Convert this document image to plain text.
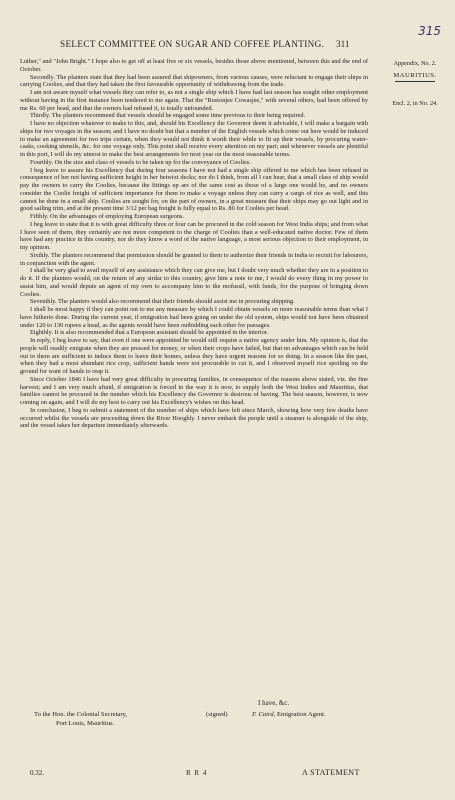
315
SELECT COMMITTEE ON SUGAR AND COFFEE PLANTING.	311
Appendix, No. 2.
MAURITIUS.
Encl. 2, in No. 24.

Luther," and "John Bright." I hope also to get off at least five or six vessels, besides those above mentioned, between this and the end of October.

Secondly. The planters state that they had been assured that shipowners, from various causes, were reluctant to engage their ships in carrying Coolies, and that they had taken the first favourable opportunity of withdrawing from the trade.

I am not aware myself what vessels they can refer to, as not a single ship which I have had last season has sought other employment without having in the first instance been tendered to me again. That the "Rustonjee Cowasjee," with several others, had been offered by me Rs. 60 per head, and that the owners had refused it, is totally unfounded.

Thirdly. The planters recommend that vessels should be engaged some time previous to their being required.

I have no objection whatever to make to this, and, should his Excellency the Governor deem it advisable, I will make a bargain with ships for two voyages in the season; and I have no doubt but that a number of the English vessels which come out here would be induced to make an agreement for two trips certain, when they would not think it worth their while to fit up their vessels, by procuring water-casks, cooking utensils, &c. for one voyage only. This point shall receive every attention on my part; and whenever vessels are plentiful in this port, I will do my utmost to make the best arrangements for next year on the most reasonable terms.

Fourthly. On the size and class of vessels to be taken up for the conveyance of Coolies.

I beg leave to assure his Excellency that during four seasons I have not had a single ship offered to me which has been refused in consequence of her not having sufficient height in her betwixt decks; nor do I think, from all I can hear, that a small class of ship would pay the owners to carry the Coolies, because the fittings up are of the same cost as those of a large one would be, and no owners consider the Coolie freight of sufficient importance for them to make a voyage unless they can carry a cargo of rice as well, and this cannot be done in a small ship. Coolies are sought for, on the part of owners, in a great measure that their ships may go out light and in good sailing trim, and at the present time 3/12 per bag freight is fully equal to Rs. 80 for Coolies per head.

Fifthly. On the advantages of employing European surgeons.

I beg leave to state that it is with great difficulty three or four can be procured in the cold season for West India ships; and from what I have seen of them, they certainly are not more competent to the charge of Coolies than a well-educated native doctor. Few of them have had any practice in this country, nor do they know a word of the native language, a most serious objection to their employment, in my opinion.

Sixthly. The planters recommend that permission should be granted to them to authorize their friends in India to recruit for labourers, in conjunction with the agent.

I shall be very glad to avail myself of any assistance which they can give me, but I doubt very much whether they are in a position to do it. If the planters would, on the return of any sirdar to this country, give him a note to me, I would do every thing in my power to assist him, and would depute an agent of my own to accompany him to the mofussil, with funds, for the purpose of bringing down Coolies.

Seventhly. The planters would also recommend that their friends should assist me in procuring shipping.

I shall be most happy if they can point out to me any measure by which I could obtain vessels on more reasonable terms than what I have hitherto done. During the current year, if emigration had been going on under the old system, ships would not have been obtained under 120 to 130 rupees a head, as the agents would have been outbidding each other for passages.

Eighthly. It is also recommended that a European assistant should be appointed in the interior.

In reply, I beg leave to say, that even if one were appointed he would still require a native agency under him. My opinion is, that the people will readily emigrate when they are pressed for money, or when their crops have failed, but that no advantages which can be held out to them are sufficient to induce them to leave their homes, unless they have urgent reasons for so doing. In a season like the past, when they had a most abundant rice crop, sufficient hands were not procurable to cut it, and I observed myself rice spoiling on the ground for want of hands to reap it.

Since October 1846 I have had very great difficulty in procuring families, in consequence of the reasons above stated, viz. the fine harvest; and I am very much afraid, if emigration is forced in the way it is now, to supply both the West Indies and Mauritius, that families cannot be procured in the number which his Excellency the Governor is desirous of having. The best season, however, is now coming on again, and I will do my best to carry out his Excellency's wishes on this head.

In conclusion, I beg to submit a statement of the number of ships which have left since March, showing how very few deaths have occurred whilst the vessels are proceeding down the River Hooghly. I never embark the people until a steamer is alongside of the ship, and the vessel takes her departure immediately afterwards.

I have, &c.
To the Hon. the Colonial Secretary,
Port Louis, Mauritius.
(signed)	F. Caird, Emigration Agent.
0.32.	R R 4	A STATEMENT
